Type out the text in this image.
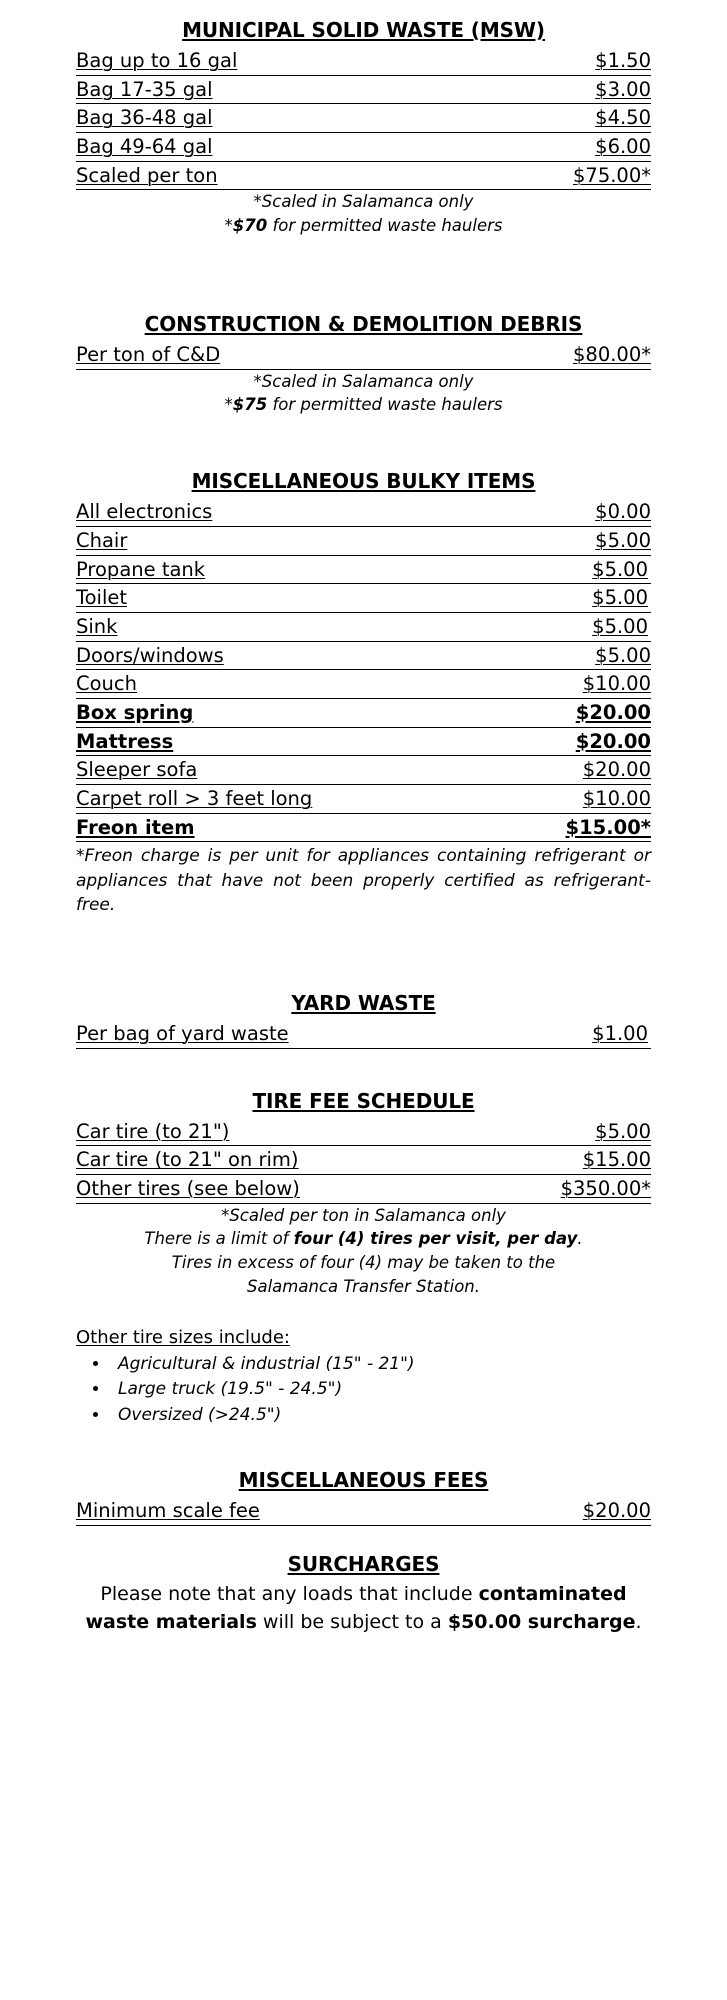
MUNICIPAL SOLID WASTE (MSW)
Bag up to 16 gal	$1.50
Bag 17-35 gal	$3.00
Bag 36-48 gal	$4.50
Bag 49-64 gal	$6.00
Scaled per ton	$75.00*
*Scaled in Salamanca only
*$70 for permitted waste haulers
CONSTRUCTION & DEMOLITION DEBRIS
Per ton of C&D	$80.00*
*Scaled in Salamanca only
*$75 for permitted waste haulers
MISCELLANEOUS BULKY ITEMS
All electronics	$0.00
Chair	$5.00
Propane tank	$5.00
Toilet	$5.00
Sink	$5.00
Doors/windows	$5.00
Couch	$10.00
Box spring	$20.00
Mattress	$20.00
Sleeper sofa	$20.00
Carpet roll > 3 feet long	$10.00
Freon item	$15.00*
*Freon charge is per unit for appliances containing refrigerant or appliances that have not been properly certified as refrigerant-free.
YARD WASTE
Per bag of yard waste	$1.00
TIRE FEE SCHEDULE
Car tire (to 21")	$5.00
Car tire (to 21" on rim)	$15.00
Other tires (see below)	$350.00*
*Scaled per ton in Salamanca only
There is a limit of four (4) tires per visit, per day.
Tires in excess of four (4) may be taken to the
Salamanca Transfer Station.
Other tire sizes include:
• Agricultural & industrial (15" - 21")
• Large truck (19.5" - 24.5")
• Oversized (>24.5")
MISCELLANEOUS FEES
Minimum scale fee	$20.00
SURCHARGES
Please note that any loads that include contaminated waste materials will be subject to a $50.00 surcharge.
